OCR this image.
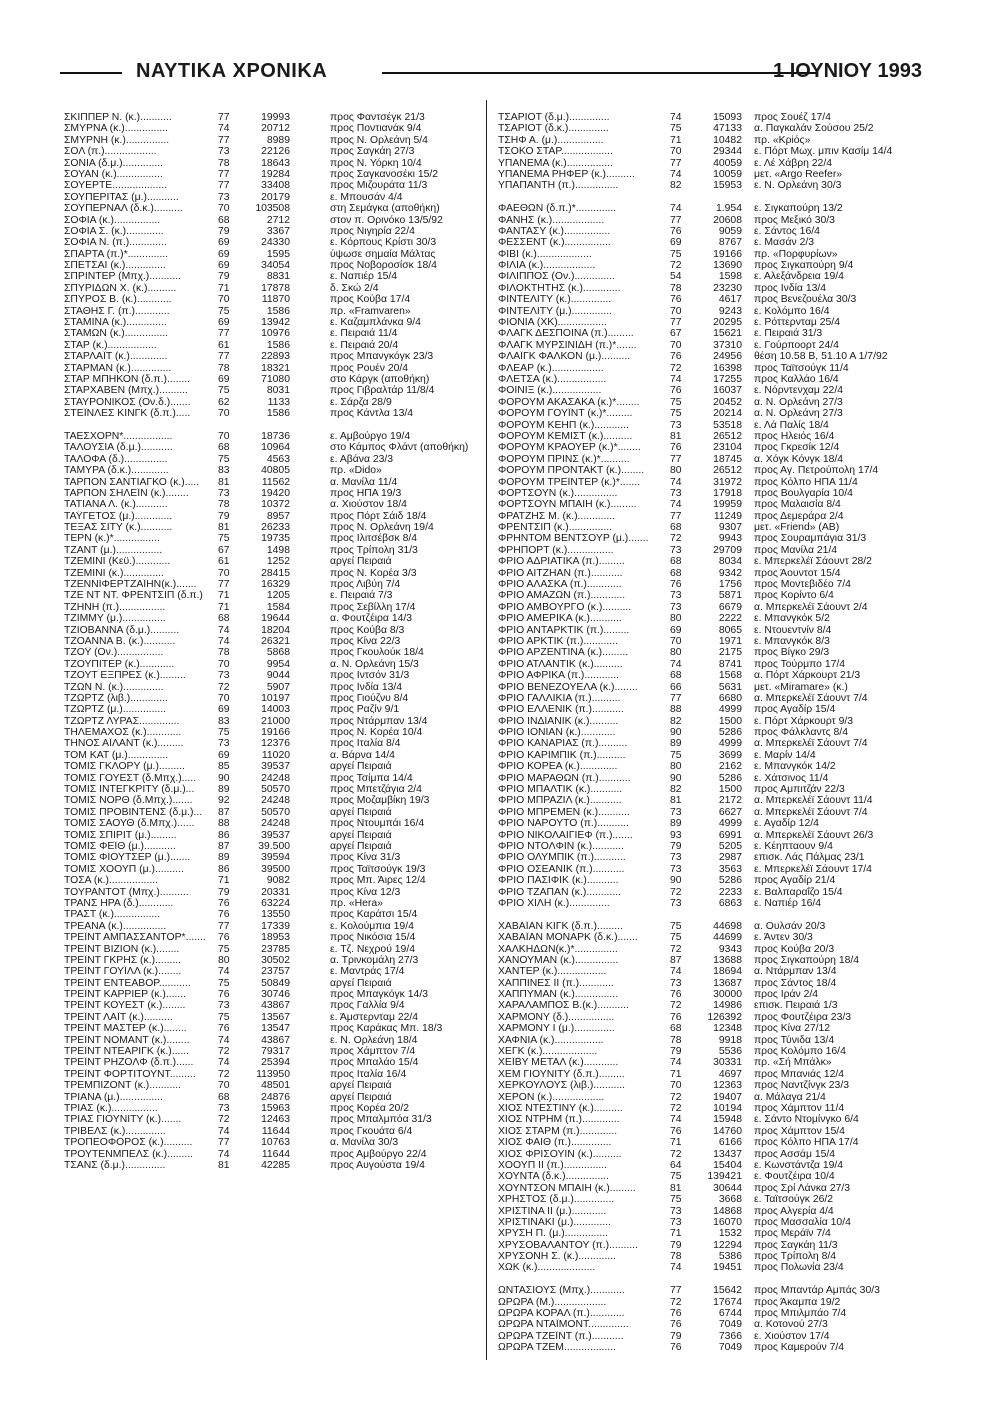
ΝΑΥΤΙΚΑ ΧΡΟΝΙΚΑ	1 ΙΟΥΝΙΟΥ 1993
ΣΚΙΠΠΕΡ Ν. (κ.)...........	77	19993	προς Φαντσέγκ 21/3
ΣΜΥΡΝΑ (κ.)...............	74	20712	προς Ποντιανάκ 9/4
ΣΜΥΡΝΗ (κ.)...............	77	8989	προς Ν. Ορλεάνη 5/4
ΣΟΛ (π.)..................	73	22126	προς Σαγκάη 27/3
ΣΟΝΙΑ (δ.μ.)..............	78	18643	προς Ν. Υόρκη 10/4
ΣΟΥΑΝ (κ.)................	77	19284	προς Σαγκανοσέκι 15/2
ΣΟΥΕΡΤΕ...................	77	33408	προς Μιζουράτα 11/3
ΣΟΥΠΕΡΙΤΑΣ (μ.)...........	73	20179	ε. Μπουσάν 4/4
ΣΟΥΠΕΡΝΑΛ (δ.κ.)..........	70	103508	στη Σεμάγκα (αποθήκη)
ΣΟΦΙΑ (κ.)................	68	2712	στον π. Ορινόκο 13/5/92
ΣΟΦΙΑ Σ. (κ.).............	79	3367	προς Νιγηρία 22/4
ΣΟΦΙΑ Ν. (π.).............	69	24330	ε. Κόρπους Κρίστι 30/3
ΣΠΑΡΤΑ (π.)*..............	69	1595	ύψωσε σημαία Μάλτας
ΣΠΕΤΣΑΙ (κ.)..............	69	34054	προς Νοβοροσίσκ 18/4
ΣΠΡΙΝΤΕΡ (Μπχ.)...........	79	8831	ε. Ναπιέρ 15/4
ΣΠΥΡΙΔΩΝ Χ. (κ.)..........	71	17878	δ. Σκώ 2/4
ΣΠΥΡΟΣ Β. (κ.)............	70	11870	προς Κούβα 17/4
ΣΤΑΘΗΣ Γ. (π.)............	75	1586	πρ. «Framvaren»
ΣΤΑΜΙΝΑ (κ.)..............	69	13942	ε. Καζαμπλάνκα 9/4
ΣΤΑΜΩΝ (κ.)...............	77	10976	ε. Πειραιά 11/4
ΣΤΑΡ (κ.).................	61	1586	ε. Πειραιά 20/4
ΣΤΑΡΛΑΪΤ (κ.).............	77	22893	προς Μπανγκόγκ 23/3
ΣΤΑΡΜΑΝ (κ.)..............	78	18321	προς Ρουέν 20/4
ΣΤΑΡ ΜΠΗΚΟΝ (δ.π.)........	69	71080	στο Κάργκ (αποθήκη)
ΣΤΑΡΧΑΒΕΝ (Μπχ.)..........	75	8031	προς Γιβραλτάρ 11/8/4
ΣΤΑΥΡΟΝΙΚΟΣ (Ον.δ.).......	62	1133	ε. Σάρζα 28/9
ΣΤΕΪΝΛΕΣ ΚΙΝΓΚ (δ.π.).....	70	1586	προς Κάντλα 13/4
ΤΑΕΣΧΟΡΝ*.................	70	18736	ε. Αμβούργο 19/4
ΤΑΛΟΥΣΙΑ (δ.μ.)...........	68	10964	στο Κάμπος Φλάντ (αποθήκη)
ΤΑΛΟΦΑ (δ.)...............	75	4563	ε. Αβάνα 23/3
ΤΑΜΥΡΑ (δ.κ.).............	83	40805	πρ. «Dido»
ΤΑΡΠΟΝ ΣΑΝΤΙΑΓΚΟ (κ.).....	81	11562	α. Μανίλα 11/4
ΤΑΡΠΟΝ ΣΗΛΕΪΝ (κ.)........	73	19420	προς ΗΠΑ 19/3
ΤΑΤΙΑΝΑ Λ. (κ.)...........	78	10372	α. Χιούστον 18/4
ΤΑΫΓΕΤΟΣ (μ.).............	79	8957	προς Πόρτ Σάιδ 18/4
ΤΕΞΑΣ ΣΙΤΥ (κ.)...........	81	26233	προς Ν. Ορλεάνη 19/4
ΤΕΡΝ (κ.)*................	75	19735	προς Ιλιτσέβσκ 8/4
ΤΖΑΝΤ (μ.)................	67	1498	προς Τρίπολη 31/3
ΤΖΕΜΙΝΙ (Κεϋ.)............	61	1252	αργεί Πειραιά
ΤΖΕΜΙΝΙ (κ.)..............	70	28415	προς Ν. Κορέα 3/3
ΤΖΕΝΝΙΦΕΡΤΖΑΪΗΝ(κ.).......	77	16329	προς Λιβύη 7/4
ΤΖΕ ΝΤ ΝΤ. ΦΡΕΝΤΣΙΠ (δ.π.)	71	1205	ε. Πειραιά 7/3
ΤΖΗΝΗ (π.)................	71	1584	προς Σεβίλλη 17/4
ΤΖΙΜΜΥ (μ.)...............	68	19644	α. Φουτζέιρα 14/3
ΤΖΙΟΒΑΝΝΑ (δ.μ.)..........	74	18204	προς Κούβα 8/3
ΤΖΟΑΝΝΑ Β. (κ.)...........	74	26321	προς Κίνα 22/3
ΤΖΟΫ (Ον.)................	78	5868	προς Γκουλούκ 18/4
ΤΖΟΥΠΙΤΕΡ (κ.)............	70	9954	α. Ν. Ορλεάνη 15/3
ΤΖΟΥΤ ΕΞΠΡΕΣ (κ.).........	73	9044	προς Ιντσόν 31/3
ΤΖΩΝ Ν. (κ.)..............	72	5907	προς Ινδία 13/4
ΤΖΩΡΤΖ (λιβ.).............	70	10197	προς Γιούζνυ 8/4
ΤΖΩΡΤΖ (μ.)...............	69	14003	προς Ραζίν 9/1
ΤΖΩΡΤΖ ΛΥΡΑΣ..............	83	21000	προς Ντάρμπαν 13/4
ΤΗΛΕΜΑΧΟΣ (κ.)............	75	19166	προς Ν. Κορέα 10/4
ΤΗΝΟΣ ΑΪΛΑΝΤ (κ.).........	73	12376	προς Ιταλία 8/4
ΤΟΜ ΚΑΤ (μ.)..............	69	11020	α. Βάρνα 14/4
ΤΟΜΙΣ ΓΚΛΟΡΥ (μ.).........	85	39537	αργεί Πειραιά
ΤΟΜΙΣ ΓΟΥΕΣΤ (δ.Μπχ.).....	90	24248	προς Τσίμπα 14/4
ΤΟΜΙΣ ΙΝΤΕΓΚΡΙΤΥ (δ.μ.)...	89	50570	προς Μπετζάγια 2/4
ΤΟΜΙΣ ΝΟΡΘ (δ.Μπχ.).......	92	24248	προς Μοζαμβίκη 19/3
ΤΟΜΙΣ ΠΡΟΒΙΝΤΕΝΣ (δ.μ.)...	87	50570	αργεί Πειραιά
ΤΟΜΙΣ ΣΑΟΥΘ (δ.Μπχ.)......	88	24248	προς Ντουμπάι 16/4
ΤΟΜΙΣ ΣΠΙΡΙΤ (μ.).........	86	39537	αργεί Πειραιά
ΤΟΜΙΣ ΦΕΪΘ (μ.)...........	87	39.500	αργεί Πειραιά
ΤΟΜΙΣ ΦΙΟΥΤΣΕΡ (μ.).......	89	39594	προς Κίνα 31/3
ΤΟΜΙΣ ΧΟΟΥΠ (μ.)..........	86	39500	προς Ταϊτσούγκ 19/3
ΤΟΣΑ (κ.).................	71	9082	προς Μπ. Άιρες 12/4
ΤΟΥΡΑΝΤΟΤ (Μπχ.)..........	79	20331	προς Κίνα 12/3
ΤΡΑΝΣ ΗΡΑ (δ.)............	76	63224	πρ. «Hera»
ΤΡΑΣΤ (κ.)................	76	13550	προς Καράτσι 15/4
ΤΡΕΑΝΑ (κ.)...............	77	17339	ε. Κολούμπια 19/4
ΤΡΕΪΝΤ ΑΜΠΑΣΣΑΝΤΟΡ*.......	76	18953	προς Νικόσια 15/4
ΤΡΕΪΝΤ ΒΙΖΙΟΝ (κ.)........	75	23785	ε. Τζ. Νεχρού 19/4
ΤΡΕΪΝΤ ΓΚΡΗΣ (κ.).........	80	30502	α. Τρινκομάλη 27/3
ΤΡΕΪΝΤ ΓΟΥΪΛΛ (κ.)........	74	23757	ε. Μαντράς 17/4
ΤΡΕΪΝΤ ΕΝΤΕΑΒΟΡ...........	75	50849	αργεί Πειραιά
ΤΡΕΪΝΤ ΚΑΡΡΙΕΡ (κ.).......	76	30746	προς Μπαγκόγκ 14/3
ΤΡΕΪΝΤ ΚΟΥΕΣΤ (κ.)........	73	43867	προς Γαλλία 9/4
ΤΡΕΪΝΤ ΛΑΪΤ (κ.)..........	75	13567	ε. Άμστερνταμ 22/4
ΤΡΕΪΝΤ ΜΑΣΤΕΡ (κ.)........	76	13547	προς Καράκας Μπ. 18/3
ΤΡΕΪΝΤ ΝΟΜΑΝΤ (κ.)........	74	43867	ε. Ν. Ορλεάνη 18/4
ΤΡΕΪΝΤ ΝΤΕΑΡΙΓΚ (κ.)......	72	79317	προς Χάμπτον 7/4
ΤΡΕΪΝΤ ΡΗΖΟΛΦ (δ.π.)......	74	25394	προς Μπαλάο 15/4
ΤΡΕΪΝΤ ΦΟΡΤΙΤΟΥΝΤ.........	72	113950	προς Ιταλία 16/4
ΤΡΕΜΠΙΖΟΝΤ (κ.)...........	70	48501	αργεί Πειραιά
ΤΡΙΑΝΑ (μ.)...............	68	24876	αργεί Πειραιά
ΤΡΙΑΣ (κ.)................	73	15963	προς Κορέα 20/2
ΤΡΙΑΣ ΓΙΟΥΝΙΤΥ (κ.).......	72	12463	προς Μπαλμπόα 31/3
ΤΡΙΒΕΛΣ (κ.)..............	74	11644	προς Γκουάτα 6/4
ΤΡΟΠΕΟΦΟΡΟΣ (κ.)..........	77	10763	α. Μανίλα 30/3
ΤΡΟΥΤΕΝΜΠΕΛΣ (κ.).........	74	11644	προς Αμβούργο 22/4
ΤΣΑΝΣ (δ.μ.)..............	81	42285	προς Αυγούστα 19/4
ΤΣΑΡΙΟΤ (δ.μ.)..............	74	15093 προς Σουέζ 17/4
ΤΣΑΡΙΟΤ (δ.κ.)..............	75	47133 α. Παγκαλάν Σούσου 25/2
ΤΣΗΦ Α. (μ.)................	71	10482 πρ. «Κρiός»
ΤΣΟΚΟ ΣΤΑΡ..................	70	29344 ε. Πόρτ Μωχ. μπιν Κασίμ 14/4
ΥΠΑΝΕΜΑ (κ.)................	77	40059 ε. Λέ Χάβρη 22/4
ΥΠΑΝΕΜΑ ΡΗΦΕΡ (κ.)..........	74	10059 μετ. «Argo Reefer»
ΥΠΑΠΑΝΤΗ (π.)...............	82	15953 ε. Ν. Ορλεάνη 30/3
ΦΑΕΘΩΝ (δ.π.)*..............	74	1.954 ε. Σιγκαπούρη 13/2
ΦΑΝΗΣ (κ.)..................	77	20608 προς Μεξικό 30/3
ΦΑΝΤΑΣΥ (κ.)................	76	9059 ε. Σάντος 16/4
ΦΕΣΣΕΝΤ (κ.)................	69	8767 ε. Μασάν 2/3
ΦΙΒΙ (κ.)...................	75	19166 πρ. «Πορφυρίων»
ΦΙΛΙΑ (κ.)..................	72	13690 προς Σιγκαπούρη 9/4
ΦΙΛΙΠΠΟΣ (Ον.)..............	54	1598 ε. Αλεξάνδρεια 19/4
ΦΙΛΟΚΤΗΤΗΣ (κ.).............	78	23230 προς Ινδία 13/4
ΦΙΝΤΕΛΙΤΥ (κ.)..............	76	4617 προς Βενεζουέλα 30/3
ΦΙΝΤΕΛΙΤΥ (μ.)..............	70	9243 ε. Κολόμπο 16/4
ΦΙΟΝΙΑ (ΧΚ).................	77	20295 ε. Ρόττερνταμ 25/4
ΦΛΑΓΚ ΔΕΣΠΟΙΝΑ (π.).........	67	15621 ε. Πειραιά 31/3
ΦΛΑΓΚ ΜΥΡΣΙΝΙΔΗ (π.)*.......	70	37310 ε. Γούρποορτ 24/4
ΦΛΑΪΓΚ ΦΑΛΚΟΝ (μ.)..........	76	24956 θέση 10.58 Β, 51.10 Α 1/7/92
ΦΛΕΑΡ (κ.)..................	72	16398 προς Ταϊτσούγκ 11/4
ΦΛΕΤΣΑ (κ.).................	74	17255 προς Καλλάο 16/4
ΦΟΙΝΙΞ (κ.).................	76	16037 ε. Νόρντενχαμ 22/4
ΦΟΡΟΥΜ ΑΚΑΣΑΚΑ (κ.)*........	75	20452 α. Ν. Ορλεάνη 27/3
ΦΟΡΟΥΜ ΓΟΥΪΝΤ (κ.)*.........	75	20214 α. Ν. Ορλεάνη 27/3
ΦΟΡΟΥΜ ΚΕΗΠ (κ.)............	73	53518 ε. Λά Παλίς 18/4
ΦΟΡΟΥΜ ΚΕΜΙΣΤ (κ.)..........	81	26512 προς Ηλειός 16/4
ΦΟΡΟΥΜ ΚΡΑΟΥΕΡ (κ.)*........	76	23104 προς Γκρεσίκ 12/4
ΦΟΡΟΥΜ ΠΡΙΝΣ (κ.)*..........	77	18745 α. Χόγκ Κόνγκ 18/4
ΦΟΡΟΥΜ ΠΡΟΝΤΑΚΤ (κ.)........	80	26512 προς Αγ. Πετρούπολη 17/4
ΦΟΡΟΥΜ ΤΡΕΪΝΤΕΡ (κ.)*.......	74	31972 προς Κόλπο ΗΠΑ 11/4
ΦΟΡΤΣΟΥΝ (κ.)...............	73	17918 προς Βουλγαρία 10/4
ΦΟΡΤΣΟΥΝ ΜΠΑΙΗ (κ.).........	74	19959 προς Μαλαισία 8/4
ΦΡΑΤΖΗΣ Μ. (κ.).............	77	11249 προς Δεμεράρα 2/4
ΦΡΕΝΤΣΙΠ (κ.)...............	68	9307 μετ. «Friend» (ΑΒ)
ΦΡΗΝΤΟΜ ΒΕΝΤΣΟΥΡ (μ.).......	72	9943 προς Σουραμπάγια 31/3
ΦΡΗΠΟΡΤ (κ.)................	73	29709 προς Μανίλα 21/4
ΦΡΙΟ ΑΔΡΙΑΤΙΚΑ (π.).........	68	8034 ε. Μπερκελέϊ Σάουντ 28/2
ΦΡΙΟ ΑΙΤΖΗΑΝ (π.)...........	68	9342 προς Άουντοτ 15/4
ΦΡΙΟ ΑΛΑΣΚΑ (π.)............	76	1756 προς Μοντεβιδέο 7/4
ΦΡΙΟ ΑΜΑΖΩΝ (π.)............	73	5871 προς Κορίντο 6/4
ΦΡΙΟ ΑΜΒΟΥΡΓΟ (κ.)..........	73	6679 α. Μπερκελέϊ Σάουντ 2/4
ΦΡΙΟ ΑΜΕΡΙΚΑ (κ.)...........	80	2222 ε. Μπανγκόκ 5/2
ΦΡΙΟ ΑΝΤΑΡΚΤΙΚ (π.).........	69	8065 ε. Ντουεντνίν 8/4
ΦΡΙΟ ΑΡΚΤΙΚ (π.)............	70	1971 ε. Μπανγκόκ 8/3
ΦΡΙΟ ΑΡΖΕΝΤΙΝΑ (κ.).........	80	2175 προς Βίγκο 29/3
ΦΡΙΟ ΑΤΛΑΝΤΙΚ (κ.)..........	74	8741 προς Τούρμπο 17/4
ΦΡΙΟ ΑΦΡΙΚΑ (π.)............	68	1568 α. Πόρτ Χάρκουρτ 21/3
ΦΡΙΟ ΒΕΝΕΖΟΥΕΛΑ (κ.)........	66	5631 μετ. «Miramare» (κ.)
ΦΡΙΟ ΓΑΛΛΙΚΙΑ (π.)..........	77	6680 α. Μπερκελέϊ Σάουντ 7/4
ΦΡΙΟ ΕΛΛΕΝΙΚ (π.)...........	88	4999 προς Αγαδίρ 15/4
ΦΡΙΟ ΙΝΔΙΑΝΙΚ (κ.)..........	82	1500 ε. Πόρτ Χάρκουρτ 9/3
ΦΡΙΟ ΙΟΝΙΑΝ (κ.)............	90	5286 προς Φάλκλαντς 8/4
ΦΡΙΟ ΚΑΝΑΡΙΑΣ (π.)..........	89	4999 α. Μπερκελέϊ Σάουντ 7/4
ΦΡΙΟ ΚΑΡΙΜΠΙΚ (π.)..........	75	3699 ε. Μαρίν 14/4
ΦΡΙΟ ΚΟΡΕΑ (κ.).............	80	2162 ε. Μπανγκόκ 14/2
ΦΡΙΟ ΜΑΡΑΘΩΝ (π.)...........	90	5286 ε. Χάτσινος 11/4
ΦΡΙΟ ΜΠΑΛΤΙΚ (κ.)...........	82	1500 προς Αμπιτζάν 22/3
ΦΡΙΟ ΜΠΡΑΖΙΛ (κ.)...........	81	2172 α. Μπερκελέϊ Σάουντ 11/4
ΦΡΙΟ ΜΠΡΕΜΕΝ (κ.)...........	73	6627 α. Μπερκελέϊ Σάουντ 7/4
ΦΡΙΟ ΝΑΡΟΥΤΟ (π.)...........	89	4999 ε. Αγαδίρ 12/4
ΦΡΙΟ ΝΙΚΟΛΑΙΓΙΕΦ (π.).......	93	6991 α. Μπερκελέϊ Σάουντ 26/3
ΦΡΙΟ ΝΤΟΛΦΙΝ (κ.)...........	79	5205 ε. Κέηπταουν 9/4
ΦΡΙΟ ΟΛΥΜΠΙΚ (π.)...........	73	2987 επισκ. Λάς Πάλμας 23/1
ΦΡΙΟ ΟΣΕΑΝΙΚ (π.)...........	73	3563 ε. Μπερκελέϊ Σάουντ 17/4
ΦΡΙΟ ΠΑΣΙΦΙΚ (κ.)...........	90	5286 προς Αγαδίρ 21/4
ΦΡΙΟ ΤΖΑΠΑΝ (κ.)............	72	2233 ε. Βαλπαραΐζο 15/4
ΦΡΙΟ ΧΙΛΗ (κ.)..............	73	6863 ε. Ναπιέρ 16/4
ΧΑΒΑΪΑΝ ΚΙΓΚ (δ.π.).........	75	44698 α. Ουλσάν 20/3
ΧΑΒΑΪΑΝ ΜΟΝΑΡΚ (δ.κ.).......	75	44699 ε. Άντεν 30/3
ΧΑΛΚΗΔΩΝ(κ.)*...............	72	9343 προς Κούβα 20/3
ΧΑΝΟΥΜΑΝ (κ.)...............	87	13688 προς Σιγκαπούρη 18/4
ΧΑΝΤΕΡ (κ.).................	74	18694 α. Ντάρμπαν 13/4
ΧΑΠΠΙΝΕΣ ΙΙ (π.)............	73	13687 προς Σάντος 18/4
ΧΑΠΠΥΜΑΝ (κ.)...............	76	30000 προς Ιράν 2/4
ΧΑΡΑΛΑΜΠΟΣ Β.(κ.)...........	72	14986 επισκ. Πειραιά 1/3
ΧΑΡΜΟΝΥ (δ.)................	76	126392 προς Φουτζέιρα 23/3
ΧΑΡΜΟΝΥ Ι (μ.)..............	68	12348 προς Κίνα 27/12
ΧΑΦΝΙΑ (κ.).................	78	9918 προς Τύνιδα 13/4
ΧΕΓΚ (κ.)...................	79	5536 προς Κολόμπο 16/4
ΧΕΪΒΥ ΜΕΤΑΛ (κ.)............	74	30331 πρ. «Σή Μπάλκ»
ΧΕΜ ΓΙΟΥΝΙΤΥ (δ.π.).........	71	4697 προς Μπανιάς 12/4
ΧΕΡΚΟΥΛΟΥΣ (λιβ.)...........	70	12363 προς Ναντζίνγκ 23/3
ΧΕΡΟΝ (κ.)..................	72	19407 α. Μάλαγα 21/4
ΧΙΟΣ ΝΤΕΣΤΙΝΥ (κ.)..........	72	10194 προς Χάμπτον 11/4
ΧΙΟΣ ΝΤΡΗΜ (π.).............	74	15948 ε. Σάντο Ντομίνγκο 6/4
ΧΙΟΣ ΣΤΑΡΜ (π.).............	76	14760 προς Χάμπτον 15/4
ΧΙΟΣ ΦΑΙΘ (π.)..............	71	6166 προς Κόλπο ΗΠΑ 17/4
ΧΙΟΣ ΦΡΙΣΟΥΙΝ (κ.)..........	72	13437 προς Ασσάμ 15/4
ΧΟΟΥΠ ΙΙ (π.)...............	64	15404 ε. Κωνστάντζα 19/4
ΧΟΥΝΤΑ (δ.κ.)...............	75	139421 ε. Φουτζέιρα 10/4
ΧΟΥΝΤΣΟΝ ΜΠΑΙΗ (κ.).........	81	30644 προς Σρί Λάνκα 27/3
ΧΡΗΣΤΟΣ (δ.μ.)..............	75	3668 ε. Ταϊτσούγκ 26/2
ΧΡΙΣΤΙΝΑ ΙΙ (μ.)............	73	14868 προς Αλγερία 4/4
ΧΡΙΣΤΙΝΑΚΙ (μ.).............	73	16070 προς Μασσαλία 10/4
ΧΡΥΣΗ Π. (μ.)...............	71	1532 προς Μεράϊν 7/4
ΧΡΥΣΟΒΑΛΑΝΤΟΥ (π.)..........	79	12294 προς Σαγκάη 11/3
ΧΡΥΣΟΝΗ Σ. (κ.).............	78	5386 προς Τρίπολη 8/4
ΧΩΚ (κ.)....................	74	19451 προς Πολωνία 23/4
ΩΝΤΑΣΙΟΥΣ (Μπχ.)............	77	15642 προς Μπαντάρ Αμπάς 30/3
ΩΡΩΡΑ (Μ.)..................	72	17674 προς Άκαμπα 19/2
ΩΡΩΡΑ ΚΟΡΑΛ (π.)............	76	6744 προς Μπιλμπάο 7/4
ΩΡΩΡΑ ΝΤΑΪΜΟΝΤ..............	76	7049 α. Κοτονού 27/3
ΩΡΩΡΑ ΤΖΕΪΝΤ (π.)...........	79	7366 ε. Χιούστον 17/4
ΩΡΩΡΑ ΤΖΕΜ..................	76	7049 προς Καμερούν 7/4
